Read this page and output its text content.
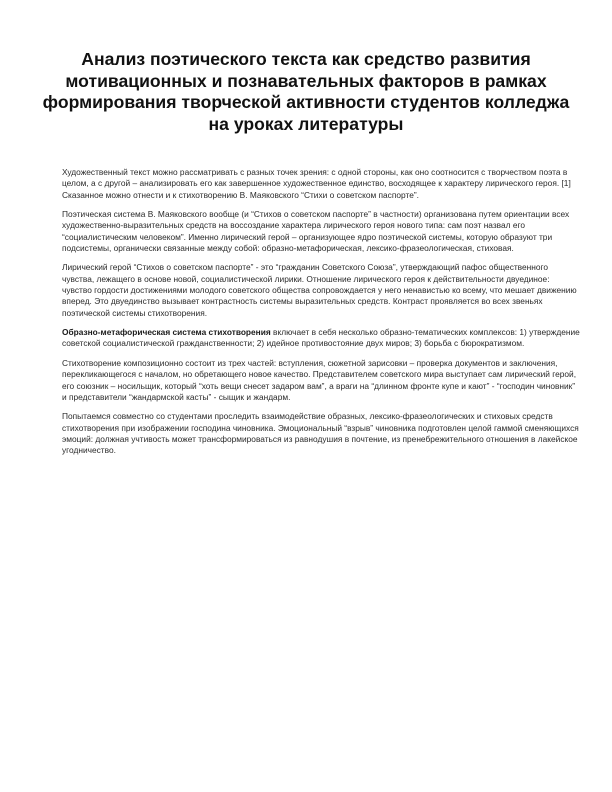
Анализ поэтического текста как средство развития мотивационных и познавательных факторов в рамках формирования творческой активности студентов колледжа на уроках литературы

Художественный текст можно рассматривать с разных точек зрения: с одной стороны, как оно соотносится с творчеством поэта в целом, а с другой – анализировать его как завершенное художественное единство, восходящее к характеру лирического героя. [1] Сказанное можно отнести и к стихотворению В. Маяковского “Стихи о советском паспорте”.

Поэтическая система В. Маяковского вообще (и “Стихов о советском паспорте” в частности) организована путем ориентации всех художественно-выразительных средств на воссоздание характера лирического героя нового типа: сам поэт назвал его “социалистическим человеком”. Именно лирический герой – организующее ядро поэтической системы, которую образуют три подсистемы, органически связанные между собой: образно-метафорическая, лексико-фразеологическая, стиховая.

Лирический герой “Стихов о советском паспорте” - это “гражданин Советского Союза”, утверждающий пафос общественного чувства, лежащего в основе новой, социалистической лирики. Отношение лирического героя к действительности двуединое: чувство гордости достижениями молодого советского общества сопровождается у него ненавистью ко всему, что мешает движению вперед. Это двуединство вызывает контрастность системы выразительных средств. Контраст проявляется во всех звеньях поэтической системы стихотворения.

Образно-метафорическая система стихотворения включает в себя несколько образно-тематических комплексов: 1) утверждение советской социалистической гражданственности; 2) идейное противостояние двух миров; 3) борьба с бюрократизмом.

Стихотворение композиционно состоит из трех частей: вступления, сюжетной зарисовки – проверка документов и заключения, перекликающегося с началом, но обретающего новое качество. Представителем советского мира выступает сам лирический герой, его союзник – носильщик, который “хоть вещи снесет задаром вам”, а враги на “длинном фронте купе и кают” - “господин чиновник” и представители “жандармской касты” - сыщик и жандарм.

Попытаемся совместно со студентами проследить взаимодействие образных, лексико-фразеологических и стиховых средств стихотворения при изображении господина чиновника. Эмоциональный “взрыв” чиновника подготовлен целой гаммой сменяющихся эмоций: должная учтивость может трансформироваться из равнодушия в почтение, из пренебрежительного отношения в лакейское угодничество.
